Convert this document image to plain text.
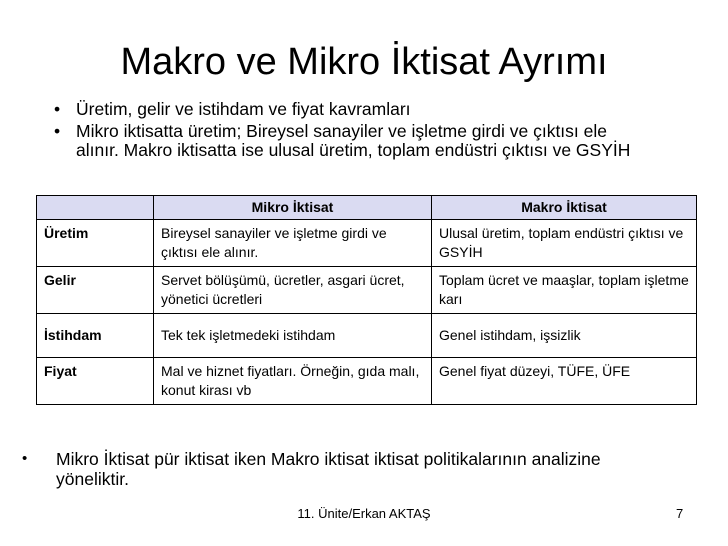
Makro ve Mikro İktisat Ayrımı
• Üretim, gelir ve istihdam ve fiyat kavramları
• Mikro iktisatta üretim; Bireysel sanayiler ve işletme girdi ve çıktısı ele alınır. Makro iktisatta ise ulusal üretim, toplam endüstri çıktısı ve GSYİH
	Mikro İktisat	Makro İktisat
Üretim	Bireysel sanayiler ve işletme girdi ve çıktısı ele alınır.	Ulusal üretim, toplam endüstri çıktısı ve GSYİH
Gelir	Servet bölüşümü, ücretler, asgari ücret, yönetici ücretleri	Toplam ücret ve maaşlar, toplam işletme karı
İstihdam	Tek tek işletmedeki istihdam	Genel istihdam, işsizlik
Fiyat	Mal ve hiznet fiyatları. Örneğin, gıda malı, konut kirası vb	Genel fiyat düzeyi, TÜFE, ÜFE
• Mikro İktisat pür iktisat iken Makro iktisat iktisat politikalarının analizine yöneliktir.
11. Ünite/Erkan AKTAŞ	7
